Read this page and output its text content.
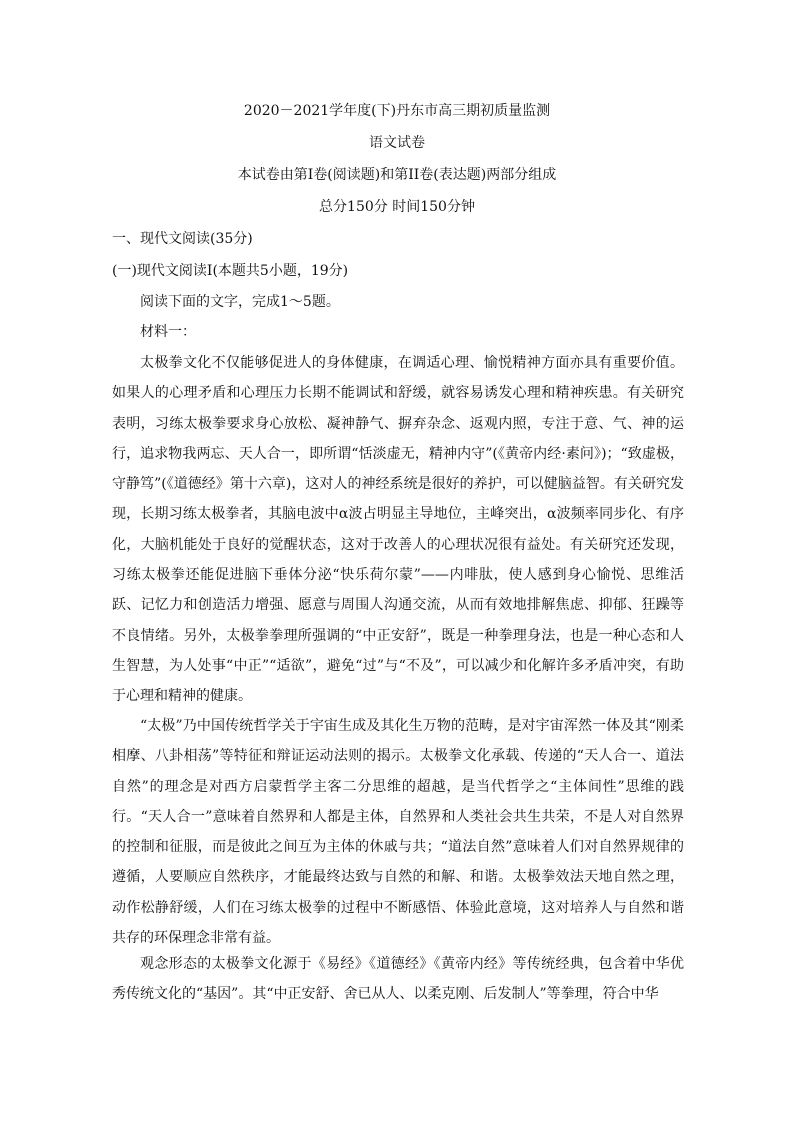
2020－2021学年度(下)丹东市高三期初质量监测
语文试卷
本试卷由第I卷(阅读题)和第II卷(表达题)两部分组成
总分150分 时间150分钟
一、现代文阅读(35分)
(一)现代文阅读I(本题共5小题，19分)
阅读下面的文字，完成1～5题。
材料一：

太极拳文化不仅能够促进人的身体健康，在调适心理、愉悦精神方面亦具有重要价值。如果人的心理矛盾和心理压力长期不能调试和舒缓，就容易诱发心理和精神疾患。有关研究表明，习练太极拳要求身心放松、凝神静气、摒弃杂念、返观内照，专注于意、气、神的运行，追求物我两忘、天人合一，即所谓“恬淡虚无，精神内守”(《黄帝内经·素问》)；“致虚极，守静笃”(《道德经》第十六章)，这对人的神经系统是很好的养护，可以健脑益智。有关研究发现，长期习练太极拳者，其脑电波中α波占明显主导地位，主峰突出，α波频率同步化、有序化，大脑机能处于良好的觉醒状态，这对于改善人的心理状况很有益处。有关研究还发现，习练太极拳还能促进脑下垂体分泌“快乐荷尔蒙”——内啡肽，使人感到身心愉悦、思维活跃、记忆力和创造活力增强、愿意与周围人沟通交流，从而有效地排解焦虑、抑郁、狂躁等不良情绪。另外，太极拳拳理所强调的“中正安舒”，既是一种拳理身法，也是一种心态和人生智慧，为人处事“中正”“适欲”，避免“过”与“不及”，可以减少和化解许多矛盾冲突，有助于心理和精神的健康。

“太极”乃中国传统哲学关于宇宙生成及其化生万物的范畴，是对宇宙浑然一体及其“刚柔相摩、八卦相荡”等特征和辩证运动法则的揭示。太极拳文化承载、传递的“天人合一、道法自然”的理念是对西方启蒙哲学主客二分思维的超越，是当代哲学之“主体间性”思维的践行。“天人合一”意味着自然界和人都是主体，自然界和人类社会共生共荣，不是人对自然界的控制和征服，而是彼此之间互为主体的休戚与共；“道法自然”意味着人们对自然界规律的遵循，人要顺应自然秩序，才能最终达致与自然的和解、和谐。太极拳效法天地自然之理，动作松静舒缓，人们在习练太极拳的过程中不断感悟、体验此意境，这对培养人与自然和谐共存的环保理念非常有益。

观念形态的太极拳文化源于《易经》《道德经》《黄帝内经》等传统经典，包含着中华优秀传统文化的“基因”。其“中正安舒、舍已从人、以柔克刚、后发制人”等拳理，符合中华
